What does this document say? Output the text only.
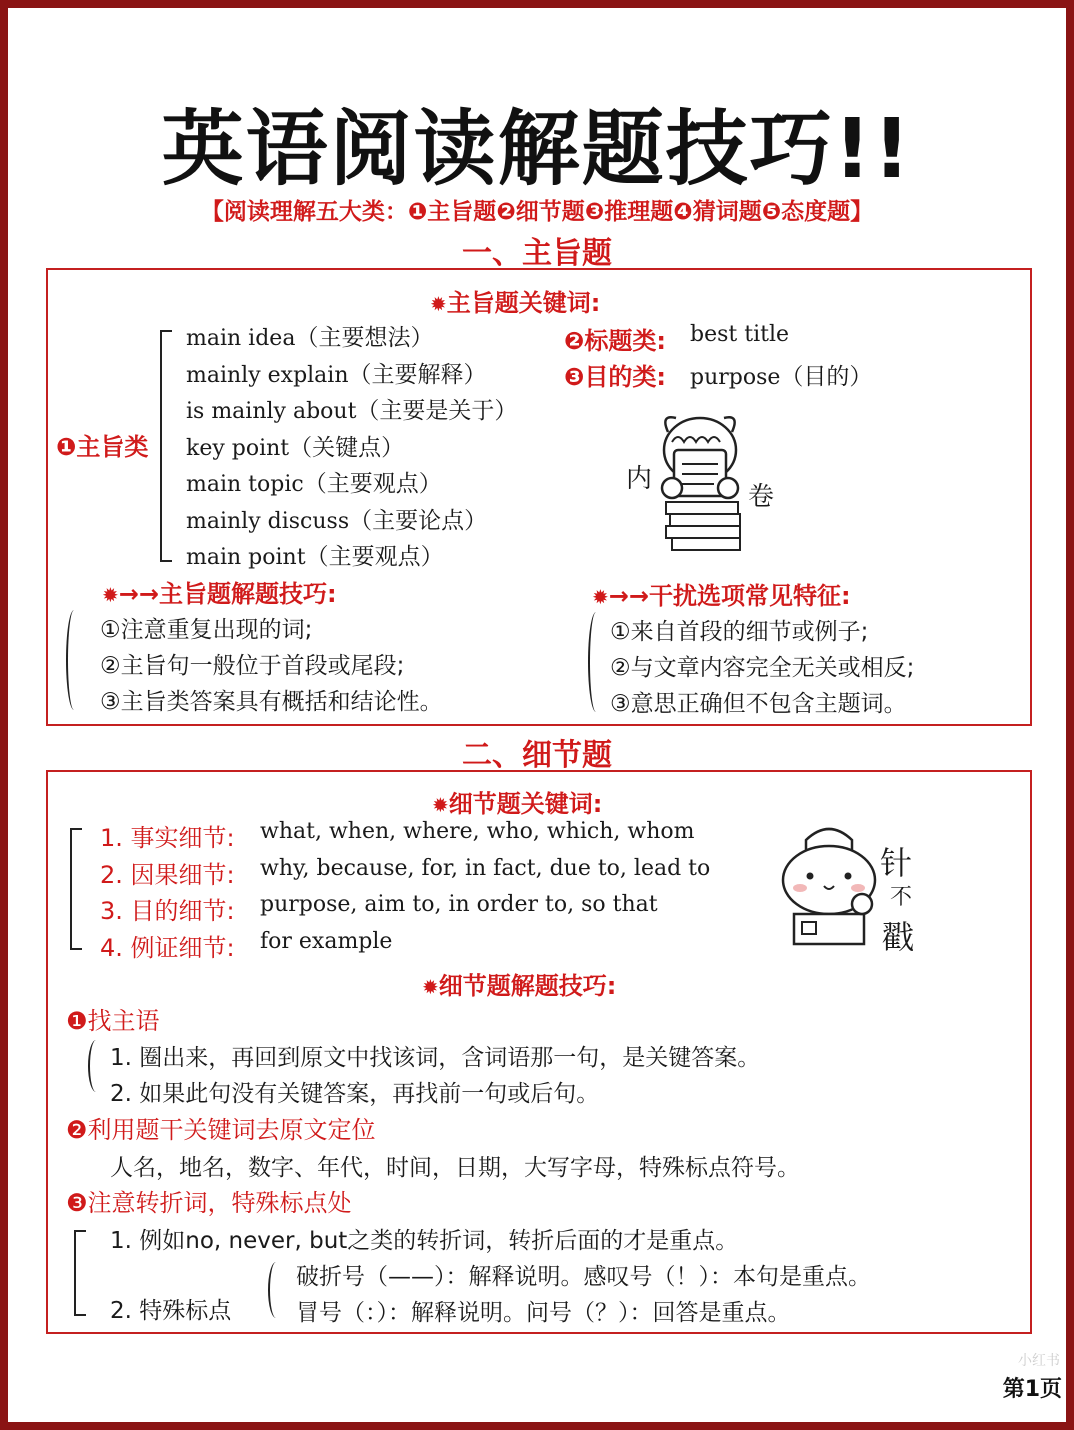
英语阅读解题技巧!!
【阅读理解五大类：❶主旨题❷细节题❸推理题❹猜词题❺态度题】
一、主旨题
✹主旨题关键词:
❶主旨类
main idea（主要想法）
mainly explain（主要解释）
is mainly about（主要是关于）
key point（关键点）
main topic（主要观点）
mainly discuss（主要论点）
main point（主要观点）
❷标题类: best title
❸目的类: purpose（目的）
内
卷
✹→→主旨题解题技巧:
①注意重复出现的词;
②主旨句一般位于首段或尾段;
③主旨类答案具有概括和结论性。
✹→→干扰选项常见特征:
①来自首段的细节或例子;
②与文章内容完全无关或相反;
③意思正确但不包含主题词。
二、细节题
✹细节题关键词:
1. 事实细节: what, when, where, who, which, whom
2. 因果细节: why, because, for, in fact, due to, lead to
3. 目的细节: purpose, aim to, in order to, so that
4. 例证细节: for example
针
不
戳
✹细节题解题技巧:
❶找主语
1. 圈出来，再回到原文中找该词，含词语那一句，是关键答案。
2. 如果此句没有关键答案，再找前一句或后句。
❷利用题干关键词去原文定位
人名，地名，数字、年代，时间，日期，大写字母，特殊标点符号。
❸注意转折词，特殊标点处
1. 例如no, never, but之类的转折词，转折后面的才是重点。
2. 特殊标点
破折号（——）：解释说明。感叹号（！）：本句是重点。
冒号（：）：解释说明。问号（？）：回答是重点。
小红书
第1页
